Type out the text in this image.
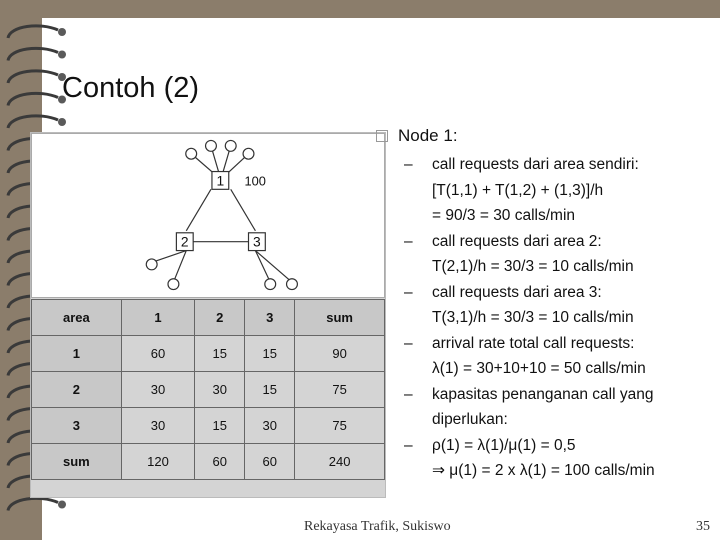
Contoh (2)
1
2	3
100
area	1	2	3	sum
1	60	15	15	90
2	30	30	15	75
3	30	15	30	75
sum	120	60	60	240
Node 1:
–	call requests dari area sendiri:
[T(1,1) + T(1,2) + (1,3)]/h
= 90/3 = 30 calls/min
–	call requests dari area 2:
T(2,1)/h = 30/3 = 10 calls/min
–	call requests dari area 3:
T(3,1)/h = 30/3 = 10 calls/min
–	arrival rate total call requests:
λ(1) = 30+10+10 = 50 calls/min
–	kapasitas penanganan call yang
diperlukan:
–	ρ(1) = λ(1)/μ(1) = 0,5
⇒ μ(1) = 2 x λ(1) = 100 calls/min
Rekayasa Trafik, Sukiswo	35
